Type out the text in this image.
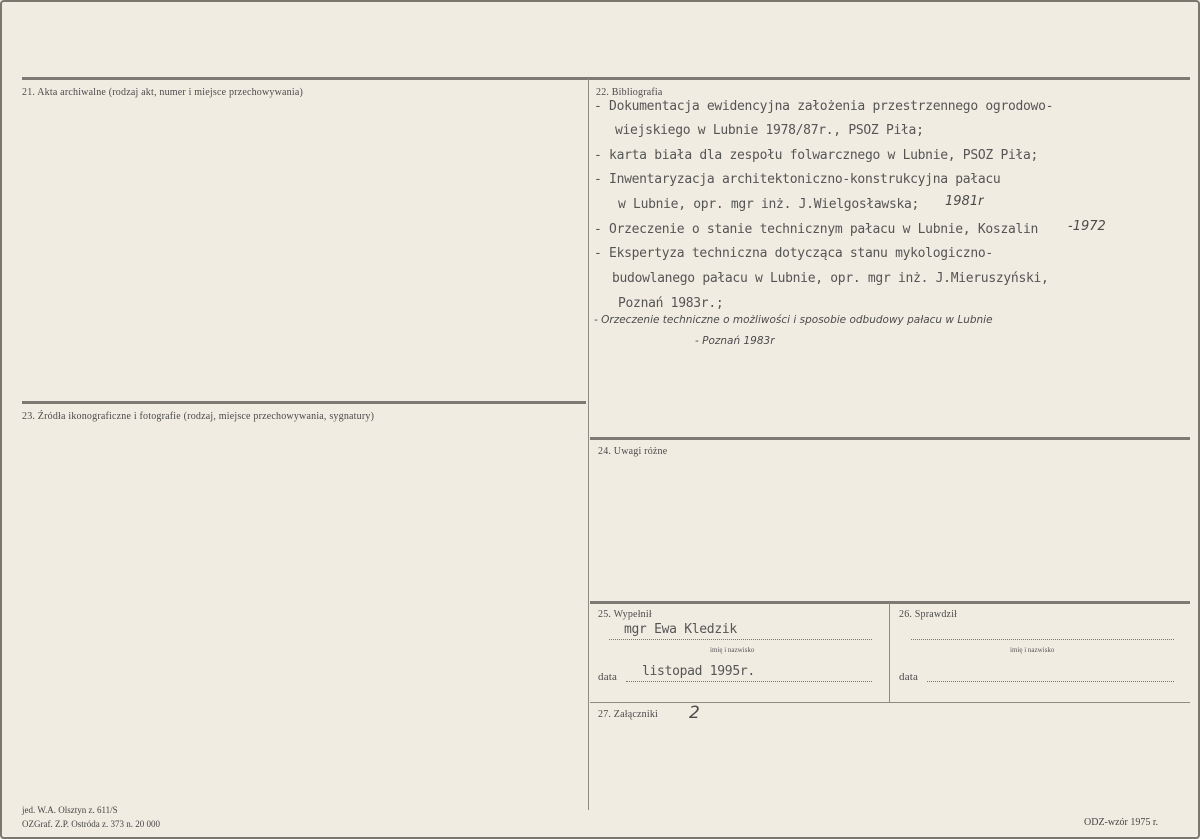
21. Akta archiwalne (rodzaj akt, numer i miejsce przechowywania)	22. Bibliografia
- Dokumentacja ewidencyjna założenia przestrzennego ogrodowo-
wiejskiego w Lubnie 1978/87r., PSOZ Piła;
- karta biała dla zespołu folwarcznego w Lubnie, PSOZ Piła;
- Inwentaryzacja architektoniczno-konstrukcyjna pałacu
w Lubnie, opr. mgr inż. J.Wielgosławska; 1981r
- Orzeczenie o stanie technicznym pałacu w Lubnie, Koszalin -1972
- Ekspertyza techniczna dotycząca stanu mykologiczno-
budowlanego pałacu w Lubnie, opr. mgr inż. J.Mieruszyński,
Poznań 1983r.;
- Orzeczenie techniczne o możliwości i sposobie odbudowy pałacu w Lubnie
- Poznań 1983r
23. Źródła ikonograficzne i fotografie (rodzaj, miejsce przechowywania, sygnatury)
24. Uwagi różne
25. Wypełnił
mgr Ewa Kledzik
imię i nazwisko
data listopad 1995r.
26. Sprawdził
imię i nazwisko
data
27. Załączniki 2
jed. W.A. Olsztyn z. 611/S
OZGraf. Z.P. Ostróda z. 373 n. 20 000	ODZ-wzór 1975 r.
